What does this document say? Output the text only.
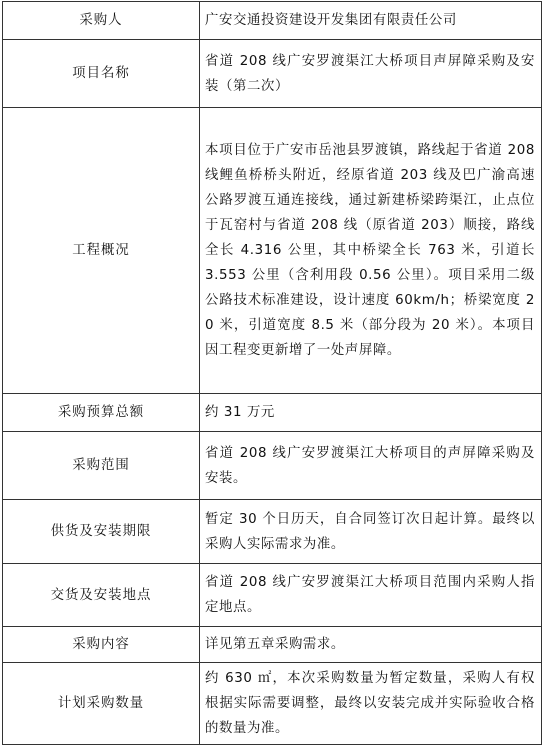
采购人	广安交通投资建设开发集团有限责任公司
项目名称	省道 208 线广安罗渡渠江大桥项目声屏障采购及安装（第二次）
工程概况	本项目位于广安市岳池县罗渡镇，路线起于省道 208 线鲤鱼桥桥头附近，经原省道 203 线及巴广渝高速公路罗渡互通连接线，通过新建桥梁跨渠江，止点位于瓦窑村与省道 208 线（原省道 203）顺接，路线全长 4.316 公里，其中桥梁全长 763 米，引道长 3.553 公里（含利用段 0.56 公里）。项目采用二级公路技术标准建设，设计速度 60km/h；桥梁宽度 20 米，引道宽度 8.5 米（部分段为 20 米）。本项目因工程变更新增了一处声屏障。
采购预算总额	约 31 万元
采购范围	省道 208 线广安罗渡渠江大桥项目的声屏障采购及安装。
供货及安装期限	暂定 30 个日历天，自合同签订次日起计算。最终以采购人实际需求为准。
交货及安装地点	省道 208 线广安罗渡渠江大桥项目范围内采购人指定地点。
采购内容	详见第五章采购需求。
计划采购数量	约 630 ㎡，本次采购数量为暂定数量，采购人有权根据实际需要调整，最终以安装完成并实际验收合格的数量为准。
